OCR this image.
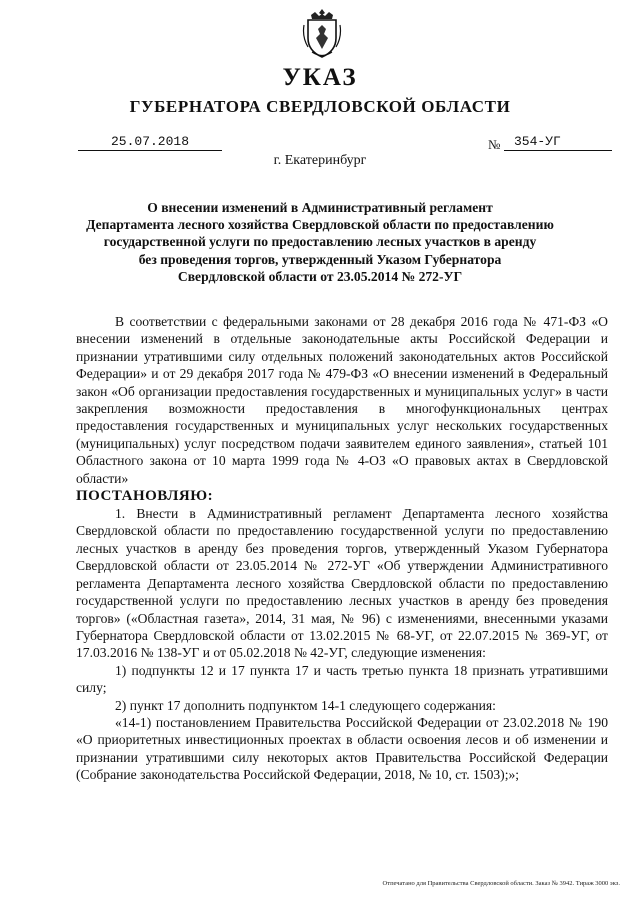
УКАЗ
ГУБЕРНАТОРА СВЕРДЛОВСКОЙ ОБЛАСТИ
25.07.2018	№	354-УГ
г. Екатеринбург
О внесении изменений в Административный регламент
Департамента лесного хозяйства Свердловской области по предоставлению
государственной услуги по предоставлению лесных участков в аренду
без проведения торгов, утвержденный Указом Губернатора
Свердловской области от 23.05.2014 № 272-УГ

В соответствии с федеральными законами от 28 декабря 2016 года № 471-ФЗ «О внесении изменений в отдельные законодательные акты Российской Федерации и признании утратившими силу отдельных положений законодательных актов Российской Федерации» и от 29 декабря 2017 года № 479-ФЗ «О внесении изменений в Федеральный закон «Об организации предоставления государственных и муниципальных услуг» в части закрепления возможности предоставления в многофункциональных центрах предоставления государственных и муниципальных услуг нескольких государственных (муниципальных) услуг посредством подачи заявителем единого заявления», статьей 101 Областного закона от 10 марта 1999 года № 4-ОЗ «О правовых актах в Свердловской области»

ПОСТАНОВЛЯЮ:

1. Внести в Административный регламент Департамента лесного хозяйства Свердловской области по предоставлению государственной услуги по предоставлению лесных участков в аренду без проведения торгов, утвержденный Указом Губернатора Свердловской области от 23.05.2014 № 272-УГ «Об утверждении Административного регламента Департамента лесного хозяйства Свердловской области по предоставлению государственной услуги по предоставлению лесных участков в аренду без проведения торгов» («Областная газета», 2014, 31 мая, № 96) с изменениями, внесенными указами Губернатора Свердловской области от 13.02.2015 № 68-УГ, от 22.07.2015 № 369-УГ, от 17.03.2016 № 138-УГ и от 05.02.2018 № 42-УГ, следующие изменения:

1) подпункты 12 и 17 пункта 17 и часть третью пункта 18 признать утратившими силу;

2) пункт 17 дополнить подпунктом 14-1 следующего содержания:

«14-1) постановлением Правительства Российской Федерации от 23.02.2018 № 190 «О приоритетных инвестиционных проектах в области освоения лесов и об изменении и признании утратившими силу некоторых актов Правительства Российской Федерации (Собрание законодательства Российской Федерации, 2018, № 10, ст. 1503);»;

Отпечатано для Правительства Свердловской области. Заказ № 3942. Тираж 3000 экз.
